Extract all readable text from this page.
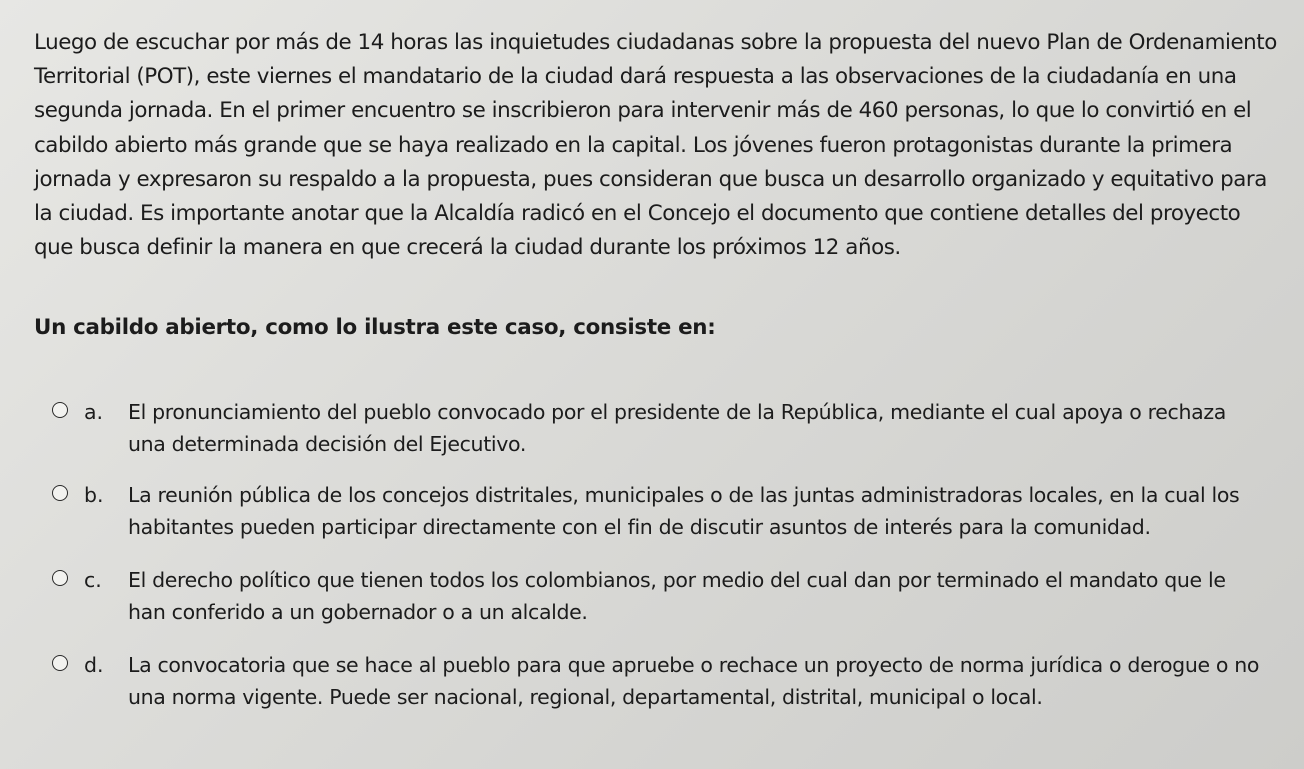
Luego de escuchar por más de 14 horas las inquietudes ciudadanas sobre la propuesta del nuevo Plan de Ordenamiento Territorial (POT), este viernes el mandatario de la ciudad dará respuesta a las observaciones de la ciudadanía en una segunda jornada. En el primer encuentro se inscribieron para intervenir más de 460 personas, lo que lo convirtió en el cabildo abierto más grande que se haya realizado en la capital. Los jóvenes fueron protagonistas durante la primera jornada y expresaron su respaldo a la propuesta, pues consideran que busca un desarrollo organizado y equitativo para la ciudad. Es importante anotar que la Alcaldía radicó en el Concejo el documento que contiene detalles del proyecto que busca definir la manera en que crecerá la ciudad durante los próximos 12 años.

Un cabildo abierto, como lo ilustra este caso, consiste en:

a. El pronunciamiento del pueblo convocado por el presidente de la República, mediante el cual apoya o rechaza una determinada decisión del Ejecutivo.
b. La reunión pública de los concejos distritales, municipales o de las juntas administradoras locales, en la cual los habitantes pueden participar directamente con el fin de discutir asuntos de interés para la comunidad.
c. El derecho político que tienen todos los colombianos, por medio del cual dan por terminado el mandato que le han conferido a un gobernador o a un alcalde.
d. La convocatoria que se hace al pueblo para que apruebe o rechace un proyecto de norma jurídica o derogue o no una norma vigente. Puede ser nacional, regional, departamental, distrital, municipal o local.
